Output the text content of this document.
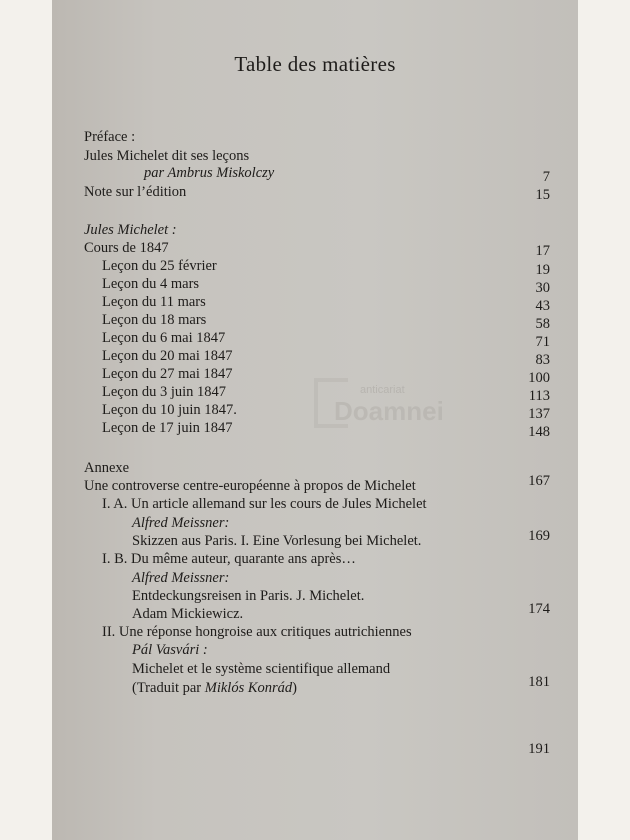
Table des matières
anticariat
Doamnei
Préface :
Jules Michelet dit ses leçons
par Ambrus Miskolczy	7
Note sur l’édition	15
Jules Michelet :
Cours de 1847	17
Leçon du 25 février	19
Leçon du 4 mars	30
Leçon du 11 mars	43
Leçon du 18 mars	58
Leçon du 6 mai 1847	71
Leçon du 20 mai 1847	83
Leçon du 27 mai 1847	100
Leçon du 3 juin 1847	113
Leçon du 10 juin 1847.	137
Leçon de 17 juin 1847	148
Annexe
Une controverse centre-européenne à propos de Michelet	167
I. A. Un article allemand sur les cours de Jules Michelet
Alfred Meissner:
Skizzen aus Paris. I. Eine Vorlesung bei Michelet.	169
I. B. Du même auteur, quarante ans après…
Alfred Meissner:
Entdeckungsreisen in Paris. J. Michelet.
Adam Mickiewicz.	174
II. Une réponse hongroise aux critiques autrichiennes
Pál Vasvári :
Michelet et le système scientifique allemand
(Traduit par Miklós Konrád)	181
191
